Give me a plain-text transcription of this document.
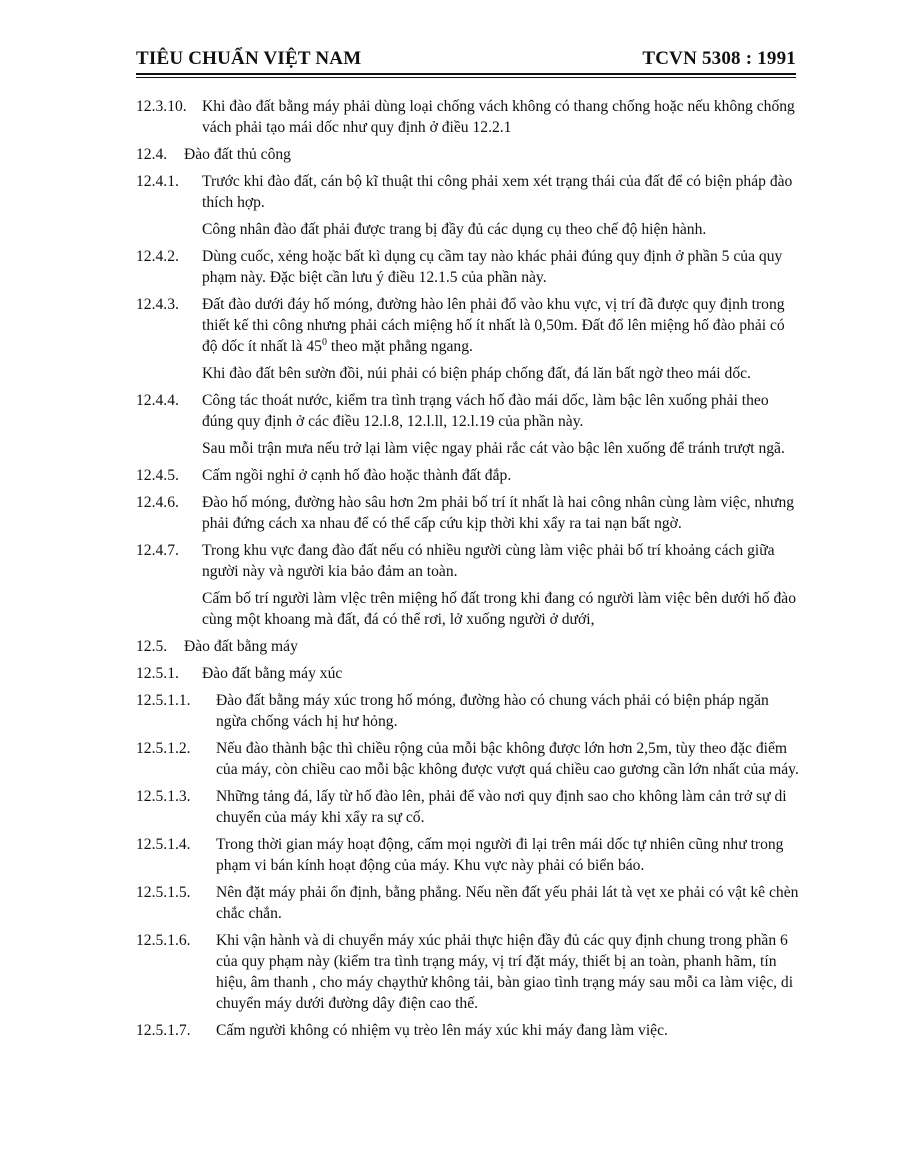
TIÊU CHUẨN VIỆT NAM	TCVN 5308 : 1991
12.3.10. Khi đào đất bằng máy phải dùng loại chống vách không có thang chống hoặc nếu không chống vách phải tạo mái dốc như quy định ở điều 12.2.1
12.4.	Đào đất thủ công
12.4.1.	Trước khi đào đất, cán bộ kĩ thuật thi công phải xem xét trạng thái của đất để có biện pháp đào thích hợp.
Công nhân đào đất phải được trang bị đầy đủ các dụng cụ theo chế độ hiện hành.
12.4.2.	Dùng cuốc, xẻng hoặc bất kì dụng cụ cầm tay nào khác phải đúng quy định ở phần 5 của quy phạm này. Đặc biệt cần lưu ý điều 12.1.5 của phần này.
12.4.3.	Đất đào dưới đáy hố móng, đường hào lên phải đổ vào khu vực, vị trí đã được quy định trong thiết kế thi công nhưng phải cách miệng hố ít nhất là 0,50m. Đất đổ lên miệng hố đào phải có độ dốc ít nhất là $45^0$ theo mặt phẳng ngang.
Khi đào đất bên sườn đồi, núi phải có biện pháp chống đất, đá lăn bất ngờ theo mái dốc.
12.4.4.	Công tác thoát nước, kiểm tra tình trạng vách hố đào mái dốc, làm bậc lên xuống phải theo đúng quy định ở các điều 12.l.8, 12.l.ll, 12.l.19 của phần này.
Sau mỗi trận mưa nếu trở lại làm việc ngay phải rắc cát vào bậc lên xuống để tránh trượt ngã.
12.4.5.	Cấm ngồi nghỉ ở cạnh hố đào hoặc thành đất đắp.
12.4.6.	Đào hố móng, đường hào sâu hơn 2m phải bố trí ít nhất là hai công nhân cùng làm việc, nhưng phải đứng cách xa nhau để có thể cấp cứu kịp thời khi xẩy ra tai nạn bất ngờ.
12.4.7.	Trong khu vực đang đào đất nếu có nhiều người cùng làm việc phải bố trí khoảng cách giữa người này và người kia bảo đảm an toàn.
Cấm bố trí người làm vlệc trên miệng hố đất trong khi đang có người làm việc bên dưới hố đào cùng một khoang mà đất, đá có thể rơi, lở xuống người ở dưới,
12.5.	Đào đất bằng máy
12.5.1.	Đào đất bằng máy xúc
12.5.1.1.	Đào đất bằng máy xúc trong hố móng, đường hào có chung vách phải có biện pháp ngăn ngừa chống vách hị hư hỏng.
12.5.1.2.	Nếu đào thành bậc thì chiều rộng của mỗi bậc không được lớn hơn 2,5m, tùy theo đặc điểm của máy, còn chiều cao mỗi bậc không được vượt quá chiều cao gương cần lớn nhất của máy.
12.5.1.3.	Những tảng đá, lấy từ hố đào lên, phải để vào nơi quy định sao cho không làm cản trở sự di chuyển của máy khi xẩy ra sự cố.
12.5.1.4.	Trong thời gian máy hoạt động, cấm mọi người đi lại trên mái dốc tự nhiên cũng như trong phạm vi bán kính hoạt động của máy. Khu vực này phải có biển báo.
12.5.1.5.	Nên đặt máy phải ổn định, bằng phẳng. Nếu nền đất yếu phải lát tà vẹt xe phải có vật kê chèn chắc chắn.
12.5.1.6.	Khi vận hành và di chuyển máy xúc phải thực hiện đầy đủ các quy định chung trong phần 6 của quy phạm này (kiểm tra tình trạng máy, vị trí đặt máy, thiết bị an toàn, phanh hãm, tín hiệu, âm thanh , cho máy chạythử không tải, bàn giao tình trạng máy sau mỗi ca làm việc, di chuyển máy dưới đường dây điện cao thế.
12.5.1.7.	Cấm người không có nhiệm vụ trèo lên máy xúc khi máy đang làm việc.
